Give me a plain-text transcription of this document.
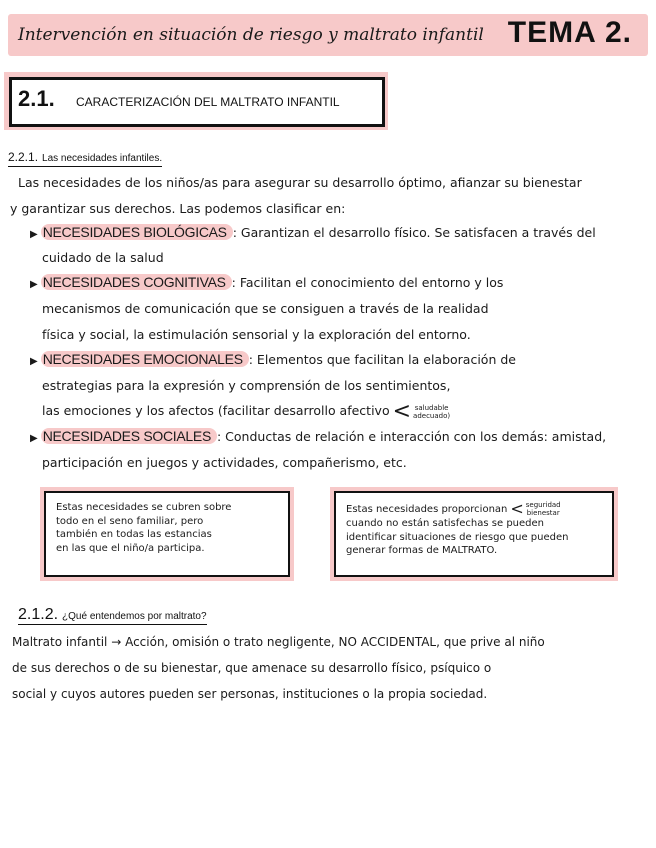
Intervención en situación de riesgo y maltrato infantil TEMA 2.
2.1. CARACTERIZACIÓN DEL MALTRATO INFANTIL
2.2.1. Las necesidades infantiles.
Las necesidades de los niños/as para asegurar su desarrollo óptimo, afianzar su bienestar
y garantizar sus derechos. Las podemos clasificar en:
▶ NECESIDADES BIOLÓGICAS : Garantizan el desarrollo físico. Se satisfacen a través del
cuidado de la salud
▶ NECESIDADES COGNITIVAS : Facilitan el conocimiento del entorno y los
mecanismos de comunicación que se consiguen a través de la realidad
física y social, la estimulación sensorial y la exploración del entorno.
▶ NECESIDADES EMOCIONALES : Elementos que facilitan la elaboración de
estrategias para la expresión y comprensión de los sentimientos,
las emociones y los afectos (facilitar desarrollo afectivo < saludable
adecuado)
▶ NECESIDADES SOCIALES : Conductas de relación e interacción con los demás: amistad,
participación en juegos y actividades, compañerismo, etc.
Estas necesidades se cubren sobre
todo en el seno familiar, pero
también en todas las estancias
en las que el niño/a participa.
Estas necesidades proporcionan < seguridad
bienestar
cuando no están satisfechas se pueden
identificar situaciones de riesgo que pueden
generar formas de MALTRATO.
2.1.2. ¿Qué entendemos por maltrato?
Maltrato infantil → Acción, omisión o trato negligente, NO ACCIDENTAL, que prive al niño
de sus derechos o de su bienestar, que amenace su desarrollo físico, psíquico o
social y cuyos autores pueden ser personas, instituciones o la propia sociedad.
